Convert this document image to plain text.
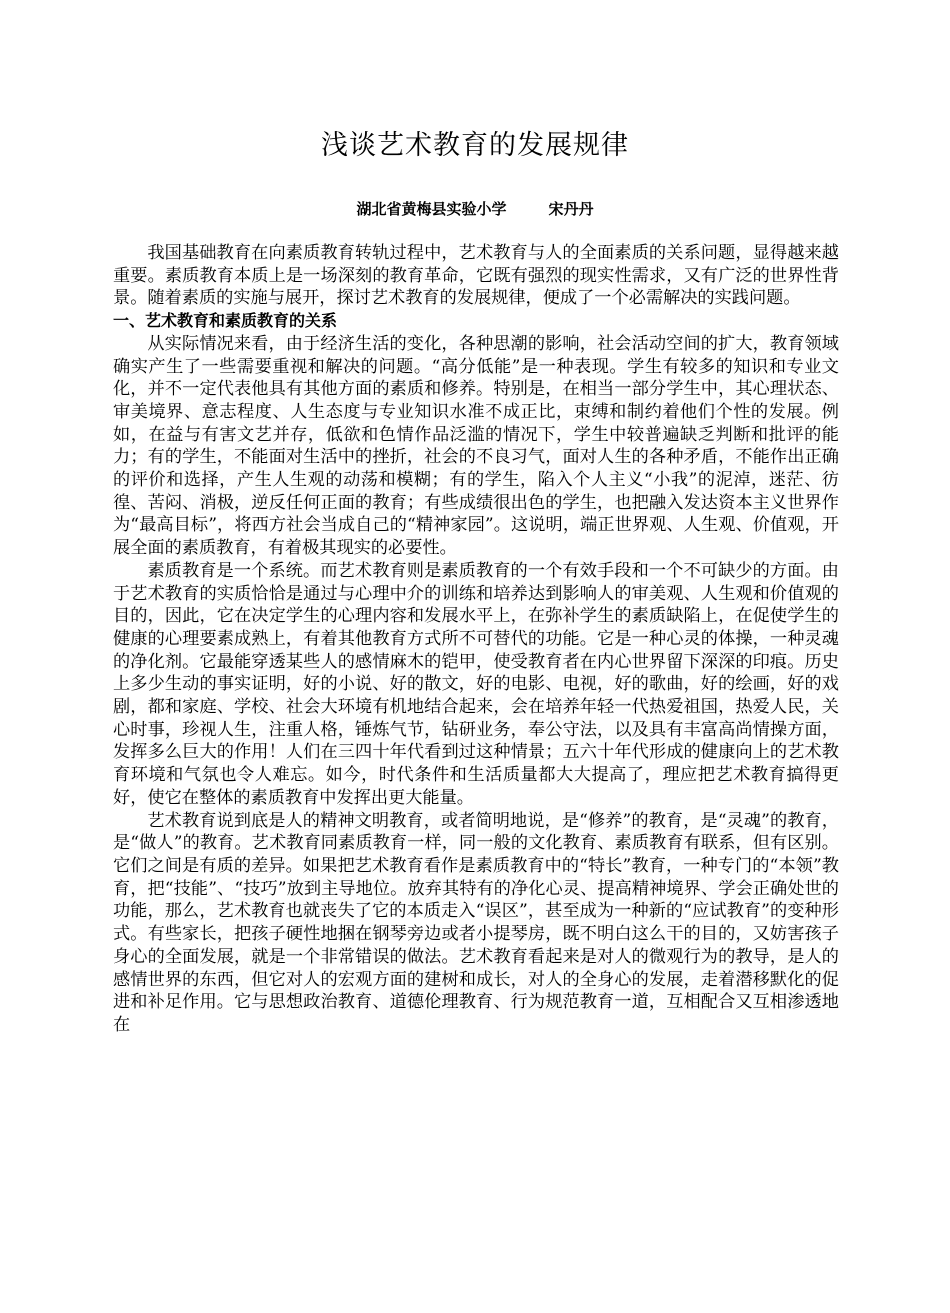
浅谈艺术教育的发展规律

湖北省黄梅县实验小学	宋丹丹

我国基础教育在向素质教育转轨过程中，艺术教育与人的全面素质的关系问题，显得越来越重要。素质教育本质上是一场深刻的教育革命，它既有强烈的现实性需求，又有广泛的世界性背景。随着素质的实施与展开，探讨艺术教育的发展规律，便成了一个必需解决的实践问题。

一、艺术教育和素质教育的关系

从实际情况来看，由于经济生活的变化，各种思潮的影响，社会活动空间的扩大，教育领域确实产生了一些需要重视和解决的问题。“高分低能”是一种表现。学生有较多的知识和专业文化，并不一定代表他具有其他方面的素质和修养。特别是，在相当一部分学生中，其心理状态、审美境界、意志程度、人生态度与专业知识水准不成正比，束缚和制约着他们个性的发展。例如，在益与有害文艺并存，低欲和色情作品泛滥的情况下，学生中较普遍缺乏判断和批评的能力；有的学生，不能面对生活中的挫折，社会的不良习气，面对人生的各种矛盾，不能作出正确的评价和选择，产生人生观的动荡和模糊；有的学生，陷入个人主义“小我”的泥淖，迷茫、彷徨、苦闷、消极，逆反任何正面的教育；有些成绩很出色的学生，也把融入发达资本主义世界作为“最高目标”，将西方社会当成自己的“精神家园”。这说明，端正世界观、人生观、价值观，开展全面的素质教育，有着极其现实的必要性。

素质教育是一个系统。而艺术教育则是素质教育的一个有效手段和一个不可缺少的方面。由于艺术教育的实质恰恰是通过与心理中介的训练和培养达到影响人的审美观、人生观和价值观的目的，因此，它在决定学生的心理内容和发展水平上，在弥补学生的素质缺陷上，在促使学生的健康的心理要素成熟上，有着其他教育方式所不可替代的功能。它是一种心灵的体操，一种灵魂的净化剂。它最能穿透某些人的感情麻木的铠甲，使受教育者在内心世界留下深深的印痕。历史上多少生动的事实证明，好的小说、好的散文，好的电影、电视，好的歌曲，好的绘画，好的戏剧，都和家庭、学校、社会大环境有机地结合起来，会在培养年轻一代热爱祖国，热爱人民，关心时事，珍视人生，注重人格，锤炼气节，钻研业务，奉公守法，以及具有丰富高尚情操方面，发挥多么巨大的作用！人们在三四十年代看到过这种情景；五六十年代形成的健康向上的艺术教育环境和气氛也令人难忘。如今，时代条件和生活质量都大大提高了，理应把艺术教育搞得更好，使它在整体的素质教育中发挥出更大能量。

艺术教育说到底是人的精神文明教育，或者简明地说，是“修养”的教育，是“灵魂”的教育，是“做人”的教育。艺术教育同素质教育一样，同一般的文化教育、素质教育有联系，但有区别。它们之间是有质的差异。如果把艺术教育看作是素质教育中的“特长”教育，一种专门的“本领”教育，把“技能”、“技巧”放到主导地位。放弃其特有的净化心灵、提高精神境界、学会正确处世的功能，那么，艺术教育也就丧失了它的本质走入“误区”，甚至成为一种新的“应试教育”的变种形式。有些家长，把孩子硬性地捆在钢琴旁边或者小提琴房，既不明白这么干的目的，又妨害孩子身心的全面发展，就是一个非常错误的做法。艺术教育看起来是对人的微观行为的教导，是人的感情世界的东西，但它对人的宏观方面的建树和成长，对人的全身心的发展，走着潜移默化的促进和补足作用。它与思想政治教育、道德伦理教育、行为规范教育一道，互相配合又互相渗透地在
